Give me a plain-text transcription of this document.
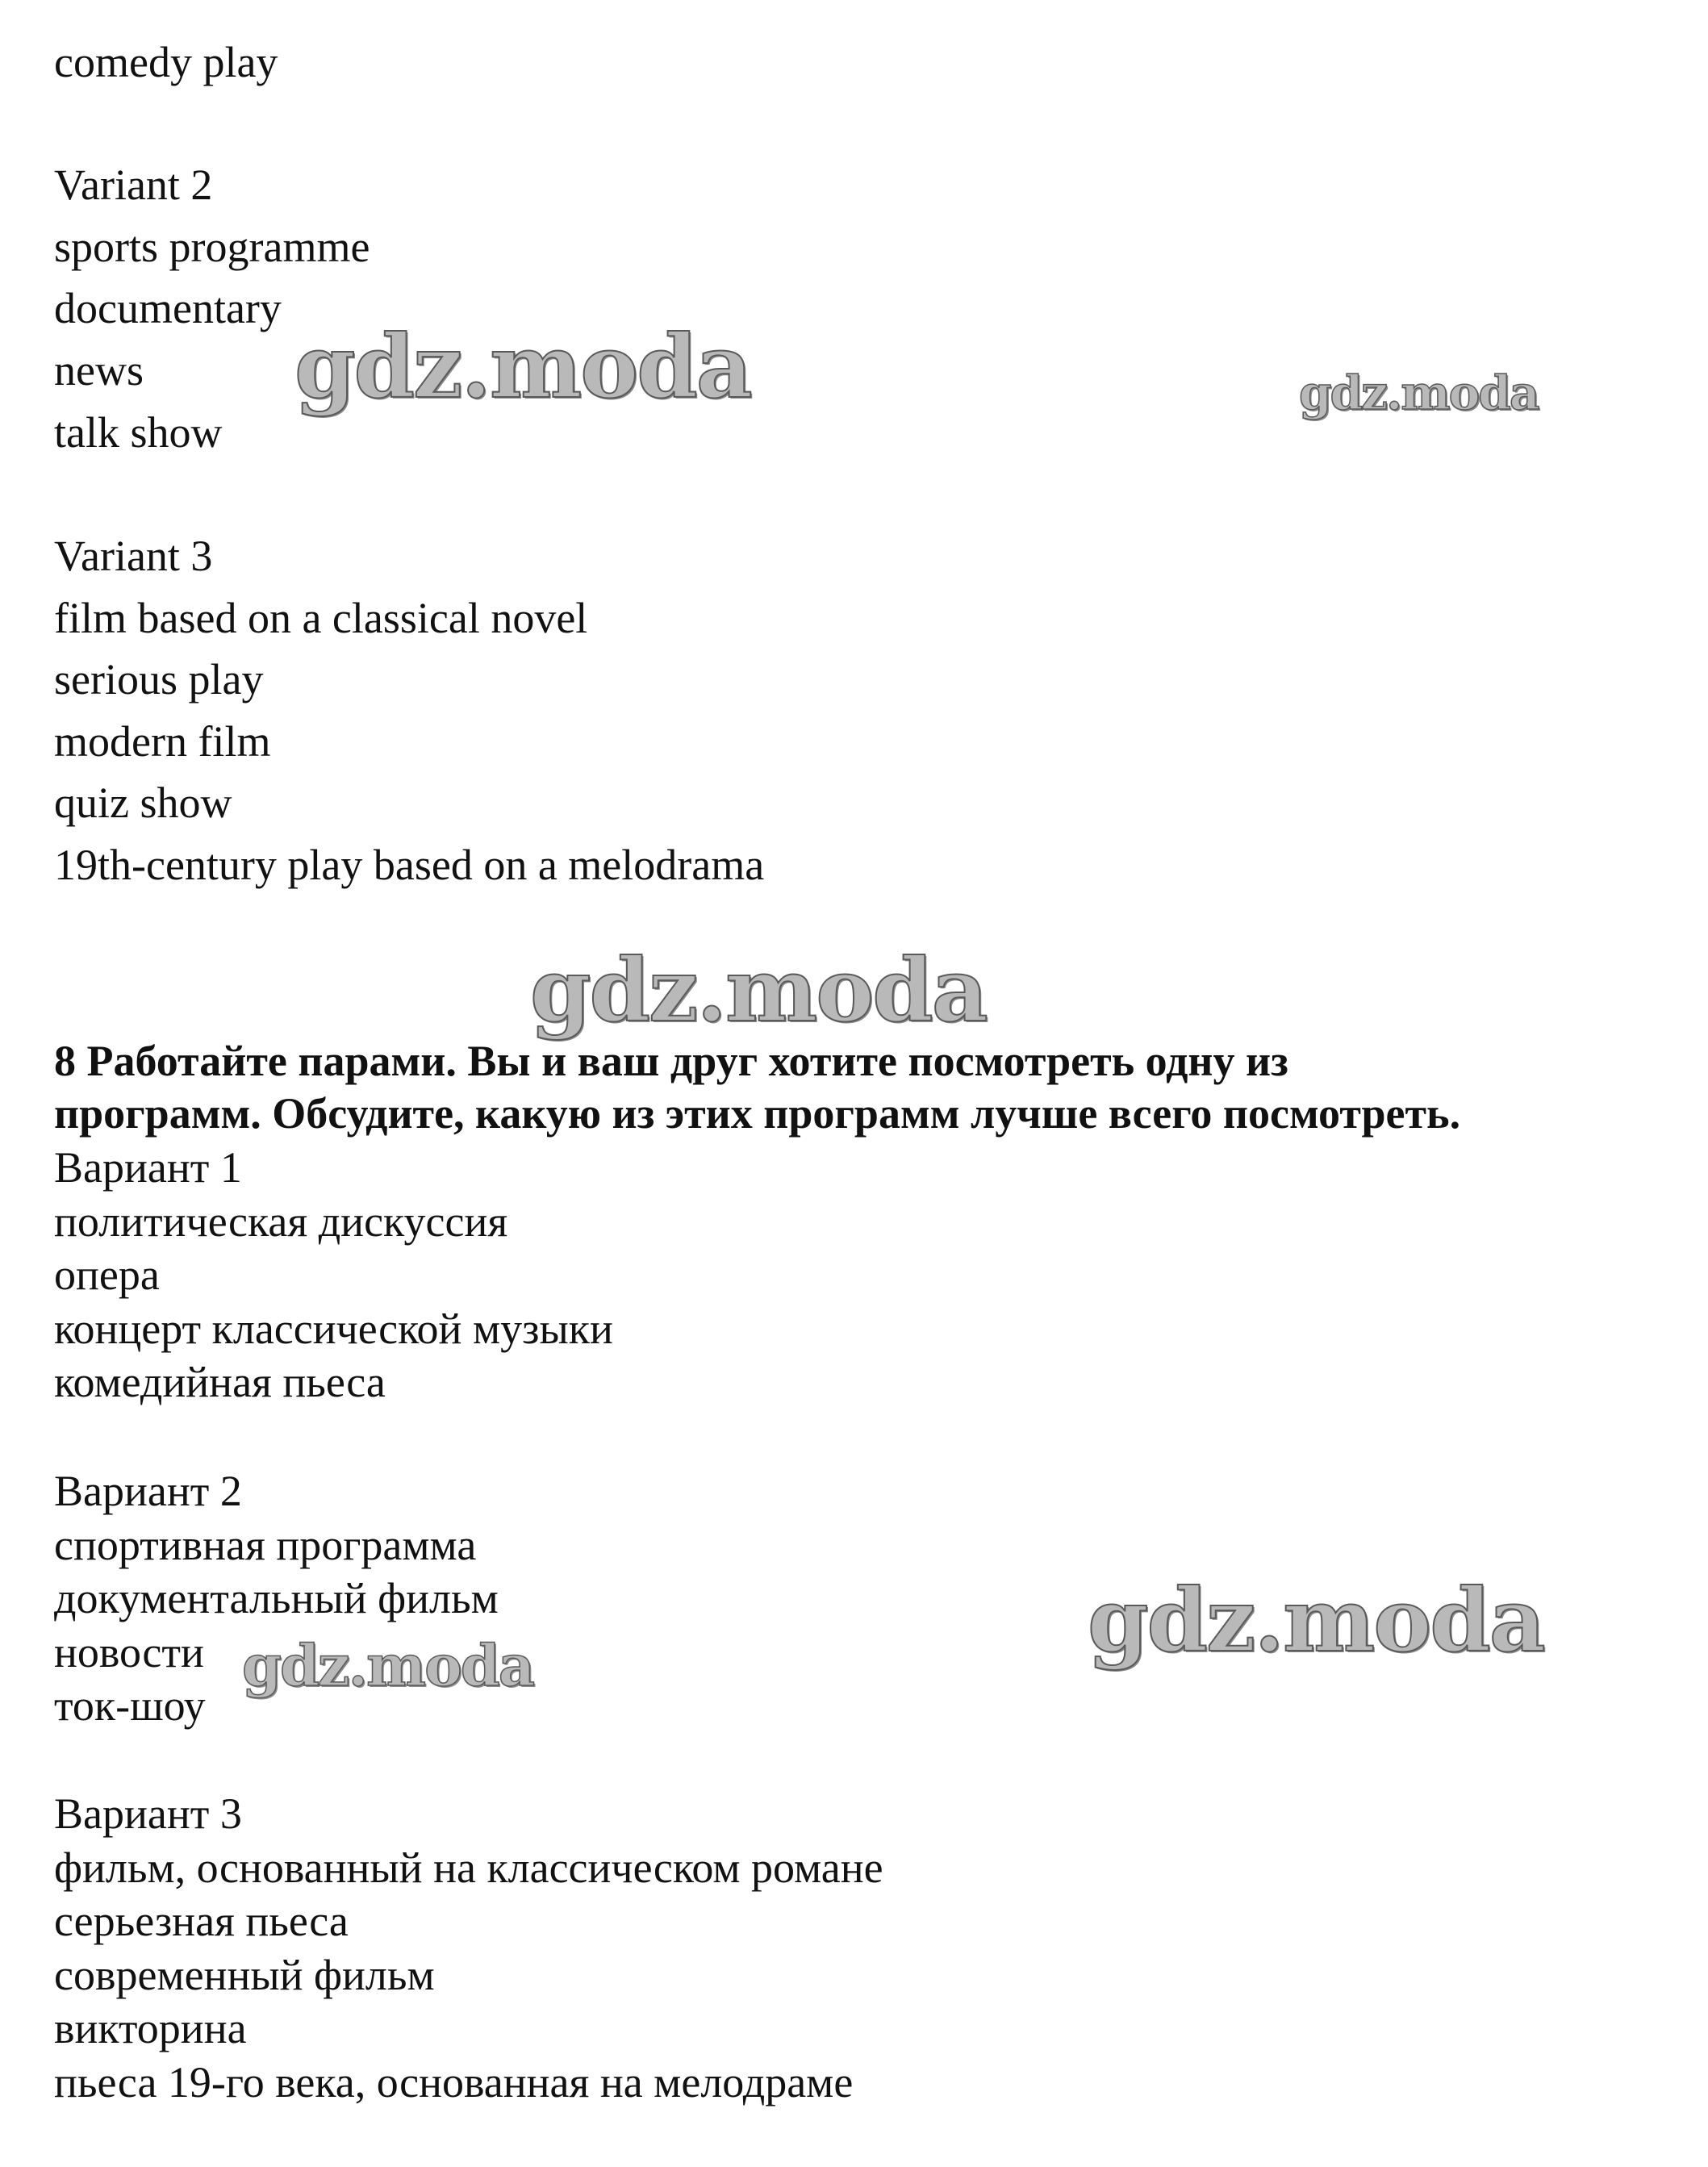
comedy play

Variant 2

sports programme

documentary

news

talk show

Variant 3

film based on a classical novel

serious play

modern film

quiz show

19th-century play based on a melodrama

8 Работайте парами. Вы и ваш друг хотите посмотреть одну из

программ. Обсудите, какую из этих программ лучше всего посмотреть.

Вариант 1

политическая дискуссия

опера

концерт классической музыки

комедийная пьеса

Вариант 2

спортивная программа

документальный фильм

новости

ток-шоу

Вариант 3

фильм, основанный на классическом романе

серьезная пьеса

современный фильм

викторина

пьеса 19-го века, основанная на мелодраме

gdz.moda	gdz.moda
gdz.moda
gdz.moda
gdz.moda
